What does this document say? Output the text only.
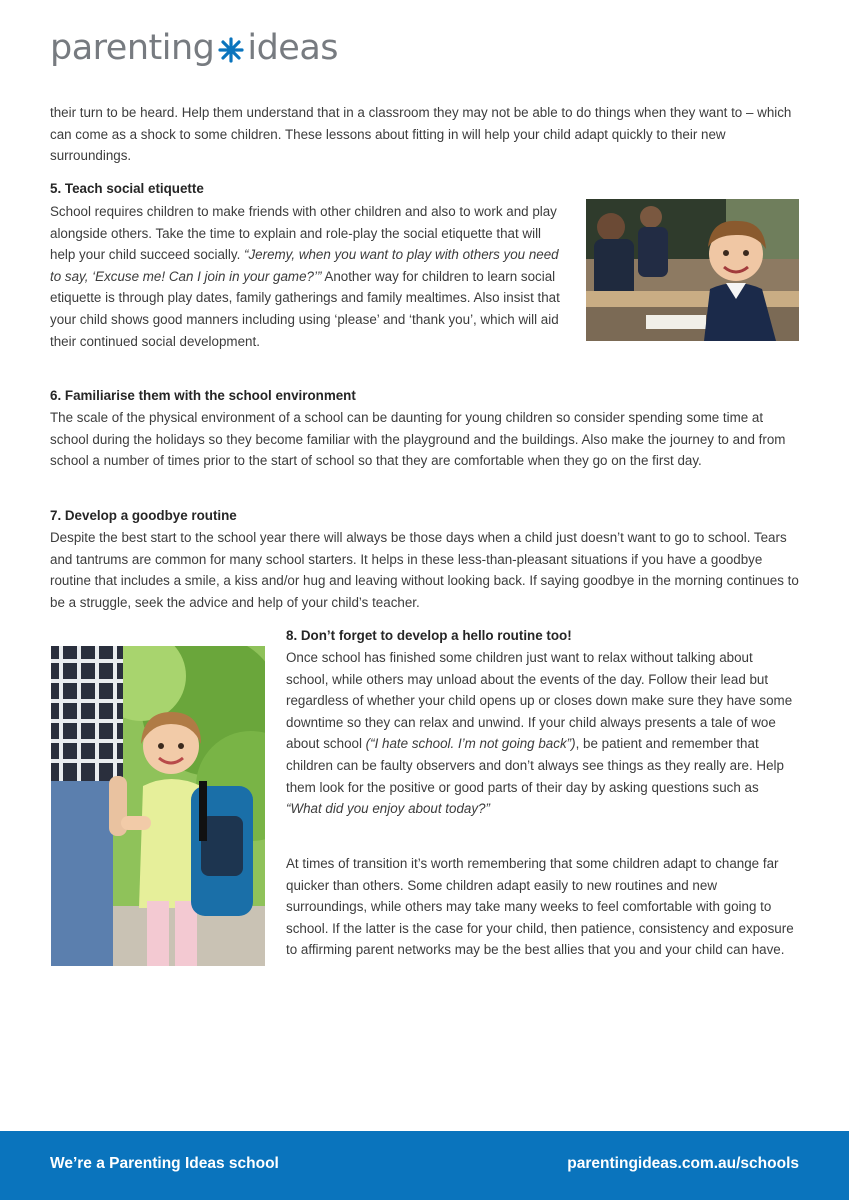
parenting ideas

their turn to be heard. Help them understand that in a classroom they may not be able to do things when they want to – which can come as a shock to some children. These lessons about fitting in will help your child adapt quickly to their new surroundings.

5. Teach social etiquette

School requires children to make friends with other children and also to work and play alongside others. Take the time to explain and role-play the social etiquette that will help your child succeed socially. “Jeremy, when you want to play with others you need to say, ‘Excuse me! Can I join in your game?’” Another way for children to learn social etiquette is through play dates, family gatherings and family mealtimes. Also insist that your child shows good manners including using ‘please’ and ‘thank you’, which will aid their continued social development.

6. Familiarise them with the school environment

The scale of the physical environment of a school can be daunting for young children so consider spending some time at school during the holidays so they become familiar with the playground and the buildings. Also make the journey to and from school a number of times prior to the start of school so that they are comfortable when they go on the first day.

7. Develop a goodbye routine

Despite the best start to the school year there will always be those days when a child just doesn’t want to go to school. Tears and tantrums are common for many school starters. It helps in these less-than-pleasant situations if you have a goodbye routine that includes a smile, a kiss and/or hug and leaving without looking back. If saying goodbye in the morning continues to be a struggle, seek the advice and help of your child’s teacher.

8. Don’t forget to develop a hello routine too!

Once school has finished some children just want to relax without talking about school, while others may unload about the events of the day. Follow their lead but regardless of whether your child opens up or closes down make sure they have some downtime so they can relax and unwind. If your child always presents a tale of woe about school (“I hate school. I’m not going back”), be patient and remember that children can be faulty observers and don’t always see things as they really are. Help them look for the positive or good parts of their day by asking questions such as “What did you enjoy about today?”

At times of transition it’s worth remembering that some children adapt to change far quicker than others. Some children adapt easily to new routines and new surroundings, while others may take many weeks to feel comfortable with going to school. If the latter is the case for your child, then patience, consistency and exposure to affirming parent networks may be the best allies that you and your child can have.

We’re a Parenting Ideas school	parentingideas.com.au/schools
